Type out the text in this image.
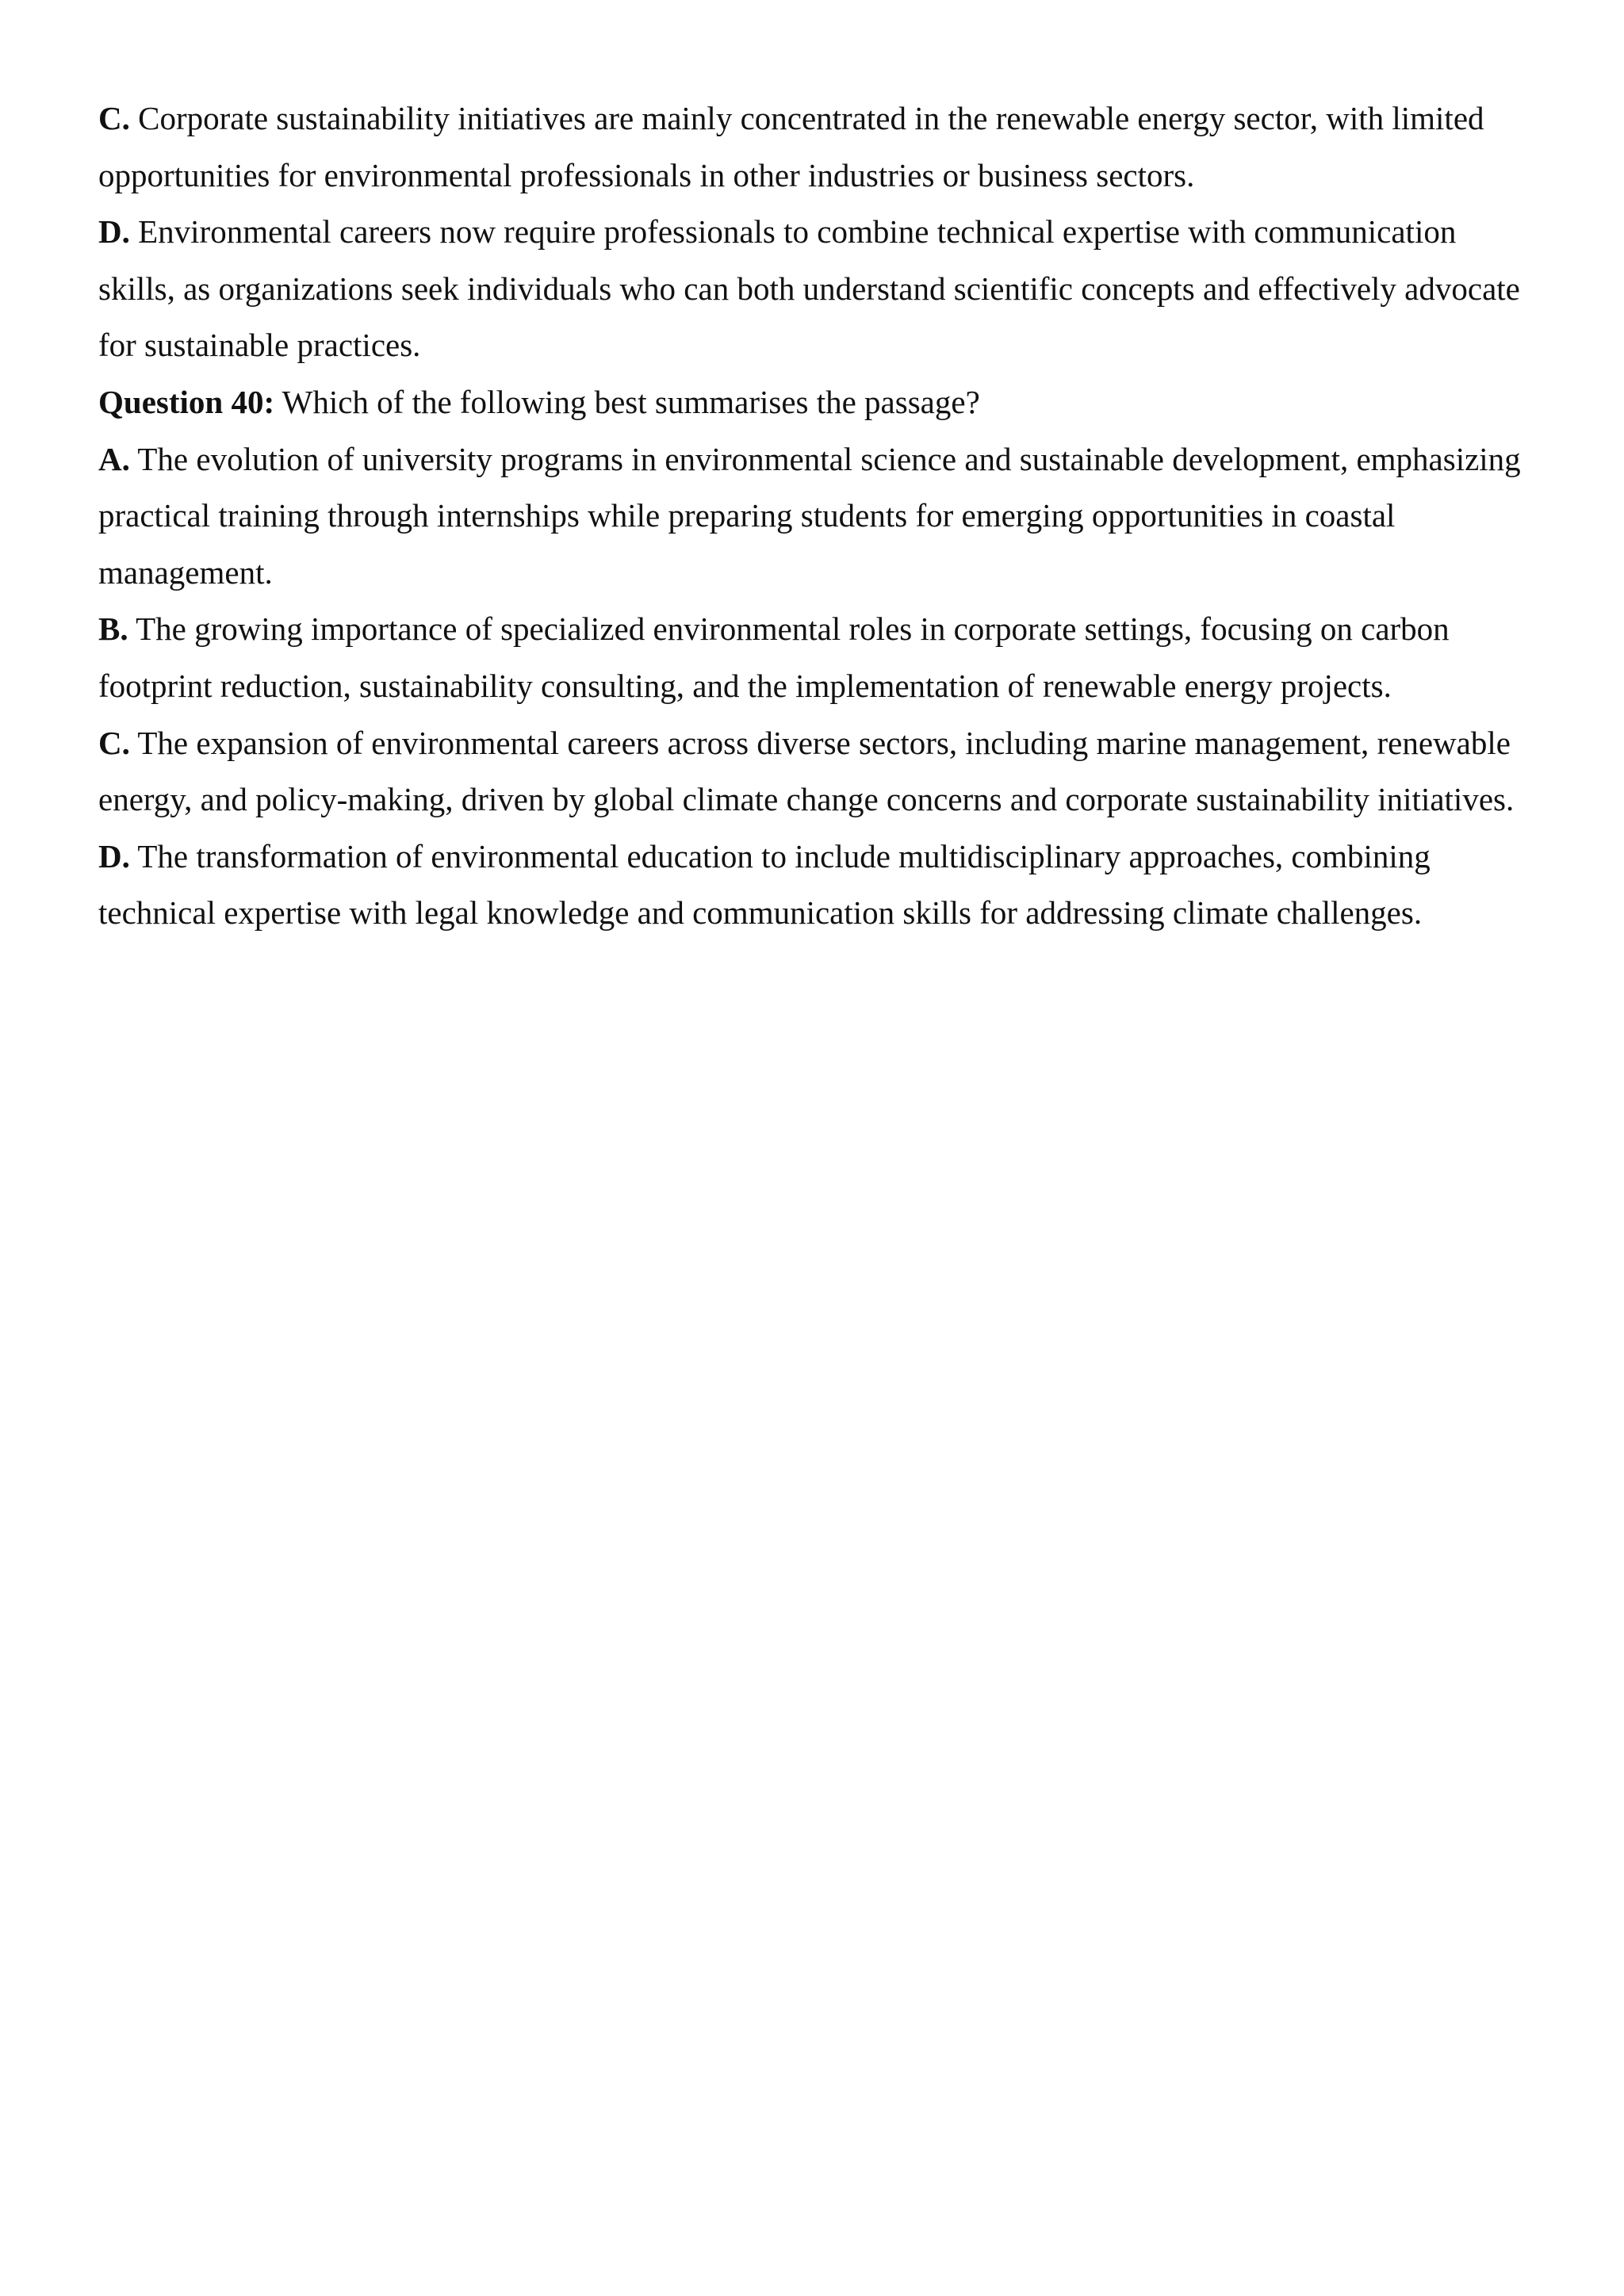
C. Corporate sustainability initiatives are mainly concentrated in the renewable energy sector, with limited
opportunities for environmental professionals in other industries or business sectors.
D. Environmental careers now require professionals to combine technical expertise with communication
skills, as organizations seek individuals who can both understand scientific concepts and effectively advocate
for sustainable practices.
Question 40: Which of the following best summarises the passage?
A. The evolution of university programs in environmental science and sustainable development, emphasizing
practical training through internships while preparing students for emerging opportunities in coastal
management.
B. The growing importance of specialized environmental roles in corporate settings, focusing on carbon
footprint reduction, sustainability consulting, and the implementation of renewable energy projects.
C. The expansion of environmental careers across diverse sectors, including marine management, renewable
energy, and policy-making, driven by global climate change concerns and corporate sustainability initiatives.
D. The transformation of environmental education to include multidisciplinary approaches, combining
technical expertise with legal knowledge and communication skills for addressing climate challenges.
